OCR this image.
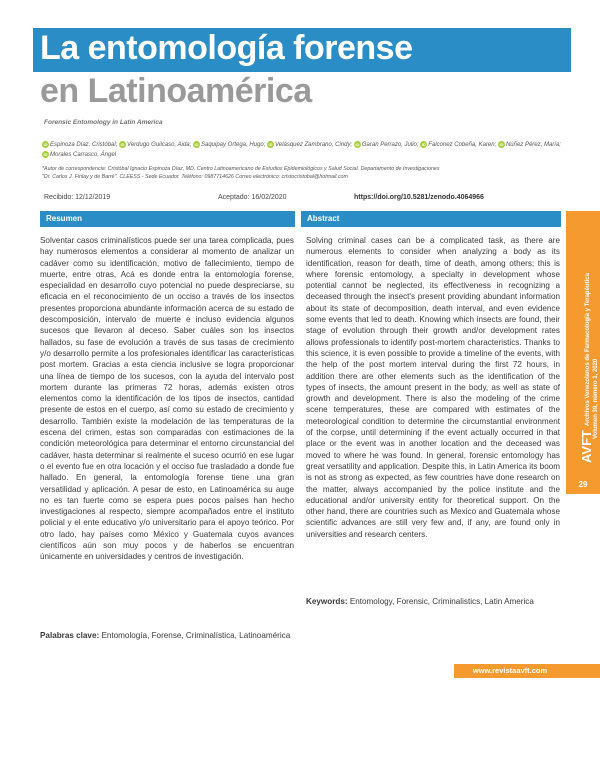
La entomología forense
en Latinoamérica
Forensic Entomology in Latin America
iD Espinoza Díaz, Cristóbal; iD Verdugo Guilcaso, Aida; iD Saquipay Ortega, Hugo; iD Velásquez Zambrano, Cindy; iD Garan Perrazo, Julio; iD Falconez Cobeña, Karen; iD Núñez Pérez, María; iD Morales Carrasco, Ángel
*Autor de correspondencia: Cristóbal Ignacio Espinoza Díaz, MD. Centro Latinoamericano de Estudios Epidemiológicos y Salud Social. Departamento de Investigaciones
"Dr. Carlos J. Finlay y de Barré". CLEESS - Sede Ecuador. Teléfono: 0987714626 Correo electrónico: cristocristobal@hotmail.com
Recibido: 12/12/2019	Aceptado: 16/02/2020	https://doi.org/10.5281/zenodo.4064966
Resumen	Abstract

Solventar casos criminalísticos puede ser una tarea complicada, pues hay numerosos elementos a considerar al momento de analizar un cadáver como su identificación, motivo de fallecimiento, tiempo de muerte, entre otras, Acá es donde entra la entomología forense, especialidad en desarrollo cuyo potencial no puede despreciarse, su eficacia en el reconocimiento de un occiso a través de los insectos presentes proporciona abundante información acerca de su estado de descomposición, intervalo de muerte e incluso evidencia algunos sucesos que llevaron al deceso. Saber cuáles son los insectos hallados, su fase de evolución a través de sus tasas de crecimiento y/o desarrollo permite a los profesionales identificar las características post mortem. Gracias a esta ciencia inclusive se logra proporcionar una línea de tiempo de los sucesos, con la ayuda del intervalo post mortem durante las primeras 72 horas, además existen otros elementos como la identificación de los tipos de insectos, cantidad presente de estos en el cuerpo, así como su estado de crecimiento y desarrollo. También existe la modelación de las temperaturas de la escena del crimen, estas son comparadas con estimaciones de la condición meteorológica para determinar el entorno circunstancial del cadáver, hasta determinar si realmente el suceso ocurrió en ese lugar o el evento fue en otra locación y el occiso fue trasladado a donde fue hallado. En general, la entomología forense tiene una gran versatilidad y aplicación. A pesar de esto, en Latinoamérica su auge no es tan fuerte como se espera pues pocos países han hecho investigaciones al respecto, siempre acompañados entre el instituto policial y el ente educativo y/o universitario para el apoyo teórico. Por otro lado, hay países como México y Guatemala cuyos avances científicos aún son muy pocos y de haberlos se encuentran únicamente en universidades y centros de investigación.

Palabras clave: Entomología, Forense, Criminalística, Latinoamérica

Solving criminal cases can be a complicated task, as there are numerous elements to consider when analyzing a body as its identification, reason for death, time of death, among others; this is where forensic entomology, a specialty in development whose potential cannot be neglected, its effectiveness in recognizing a deceased through the insect's present providing abundant information about its state of decomposition, death interval, and even evidence some events that led to death. Knowing which insects are found, their stage of evolution through their growth and/or development rates allows professionals to identify post-mortem characteristics. Thanks to this science, it is even possible to provide a timeline of the events, with the help of the post mortem interval during the first 72 hours, in addition there are other elements such as the identification of the types of insects, the amount present in the body, as well as state of growth and development. There is also the modeling of the crime scene temperatures, these are compared with estimates of the meteorological condition to determine the circumstantial environment of the corpse, until determining if the event actually occurred in that place or the event was in another location and the deceased was moved to where he was found. In general, forensic entomology has great versatility and application. Despite this, in Latin America its boom is not as strong as expected, as few countries have done research on the matter, always accompanied by the police institute and the educational and/or university entity for theoretical support. On the other hand, there are countries such as Mexico and Guatemala whose scientific advances are still very few and, if any, are found only in universities and research centers.

Keywords: Entomology, Forensic, Criminalistics, Latin America
AVFTArchivos Venezolanos de Farmacología y Terapéutica Volumen 39, número 1, 2020
29
www.revistaavft.com
